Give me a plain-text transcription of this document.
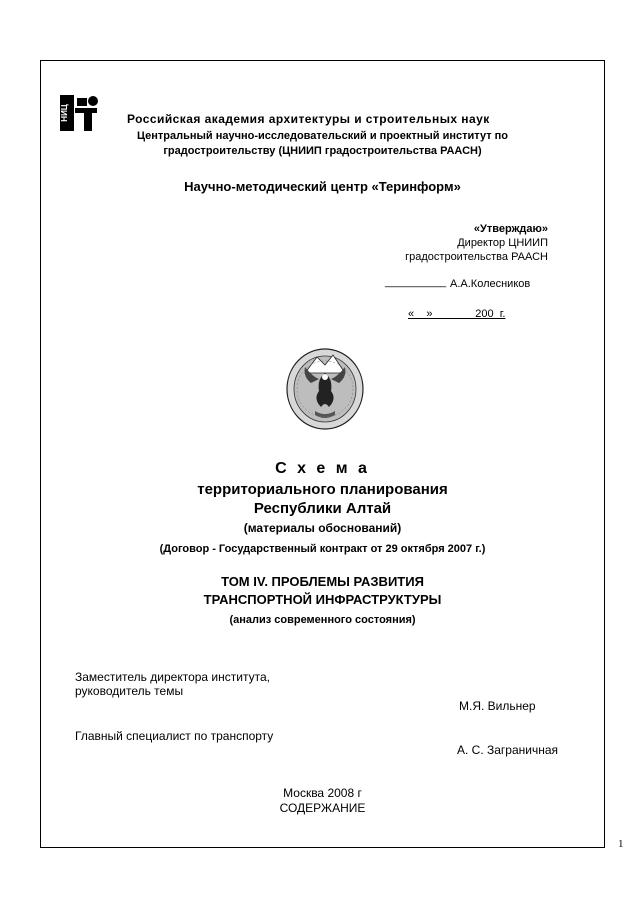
НИЦ	Российская академия архитектуры и строительных наук
Центральный научно-исследовательский и проектный институт по
градостроительству (ЦНИИП градостроительства РААСН)
Научно-методический центр «Теринформ»
«Утверждаю»
Директор ЦНИИП
градостроительства РААСН
__________ А.А.Колесников
«    »              200  г.
С х е м а
территориального планирования
Республики Алтай
(материалы обоснований)
(Договор - Государственный контракт от 29 октября 2007 г.)
ТОМ IV. ПРОБЛЕМЫ РАЗВИТИЯ
ТРАНСПОРТНОЙ ИНФРАСТРУКТУРЫ
(анализ современного состояния)
Заместитель директора института,
руководитель темы
М.Я. Вильнер
Главный специалист по транспорту
А. С. Заграничная
Москва 2008 г
СОДЕРЖАНИЕ
1
